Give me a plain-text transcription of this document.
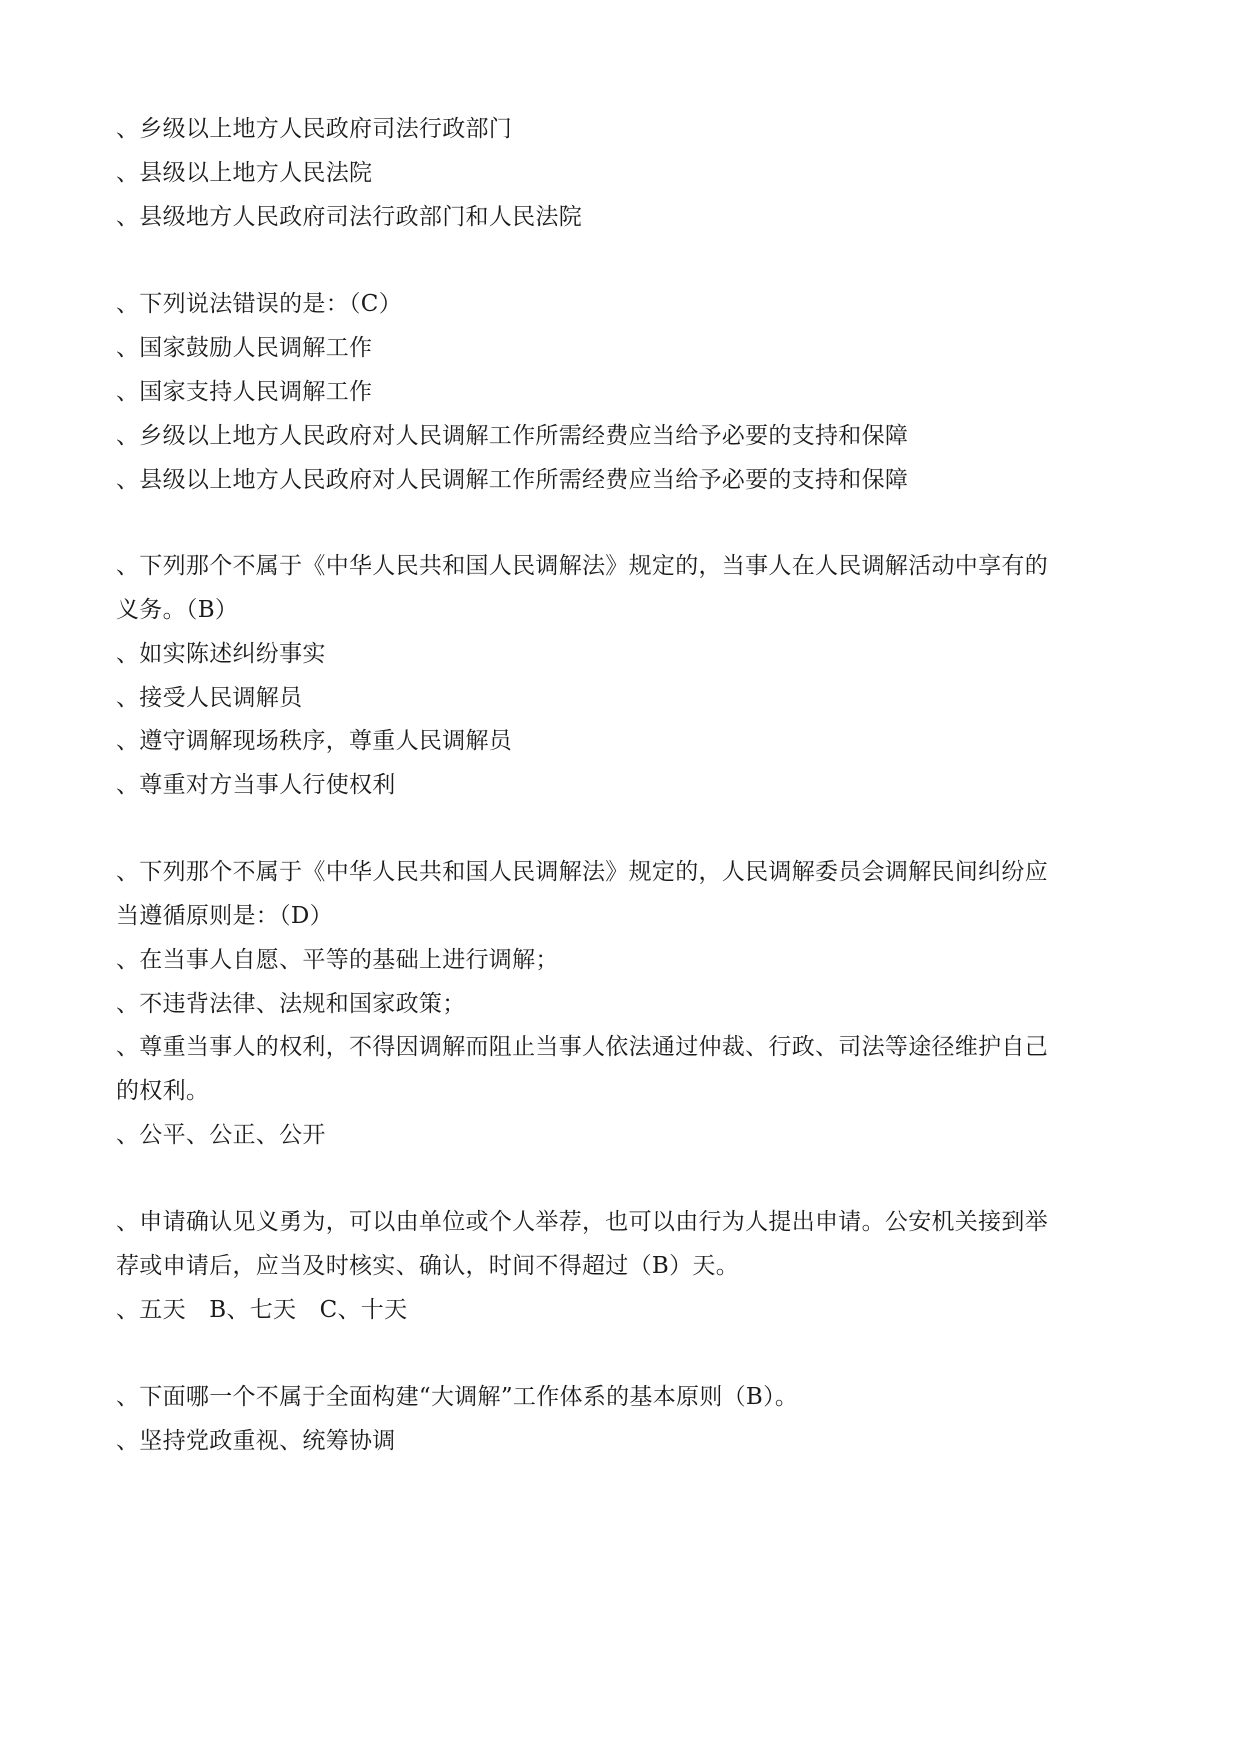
、乡级以上地方人民政府司法行政部门
、县级以上地方人民法院
、县级地方人民政府司法行政部门和人民法院
、下列说法错误的是：（C）
、国家鼓励人民调解工作
、国家支持人民调解工作
、乡级以上地方人民政府对人民调解工作所需经费应当给予必要的支持和保障
、县级以上地方人民政府对人民调解工作所需经费应当给予必要的支持和保障
、下列那个不属于《中华人民共和国人民调解法》规定的，当事人在人民调解活动中享有的
义务。（B）
、如实陈述纠纷事实
、接受人民调解员
、遵守调解现场秩序，尊重人民调解员
、尊重对方当事人行使权利
、下列那个不属于《中华人民共和国人民调解法》规定的，人民调解委员会调解民间纠纷应
当遵循原则是：（D）
、在当事人自愿、平等的基础上进行调解；
、不违背法律、法规和国家政策；
、尊重当事人的权利，不得因调解而阻止当事人依法通过仲裁、行政、司法等途径维护自己
的权利。
、公平、公正、公开
、申请确认见义勇为，可以由单位或个人举荐，也可以由行为人提出申请。公安机关接到举
荐或申请后，应当及时核实、确认，时间不得超过（B）天。
、五天　B、七天　C、十天
、下面哪一个不属于全面构建“大调解”工作体系的基本原则（B）。
、坚持党政重视、统筹协调
